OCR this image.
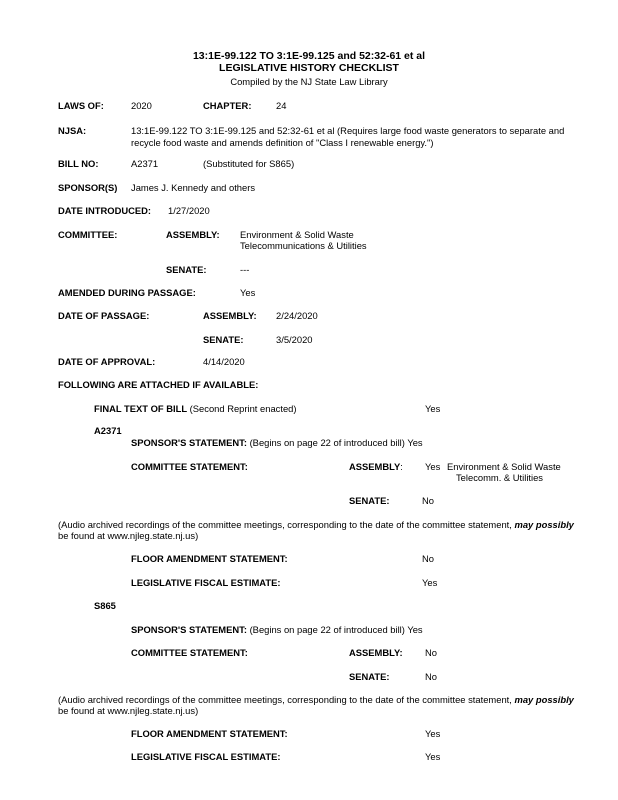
13:1E-99.122 TO 3:1E-99.125 and 52:32-61 et al
LEGISLATIVE HISTORY CHECKLIST
Compiled by the NJ State Law Library
LAWS OF:	2020	CHAPTER:	24
NJSA:	13:1E-99.122 TO 3:1E-99.125 and 52:32-61 et al (Requires large food waste generators to separate and
recycle food waste and amends definition of "Class I renewable energy.")
BILL NO:	A2371	(Substituted for S865)
SPONSOR(S) James J. Kennedy and others
DATE INTRODUCED: 1/27/2020
COMMITTEE:	ASSEMBLY: Environment & Solid Waste
Telecommunications & Utilities
SENATE:	---
AMENDED DURING PASSAGE:	Yes
DATE OF PASSAGE:	ASSEMBLY: 2/24/2020
SENATE:	3/5/2020
DATE OF APPROVAL:	4/14/2020
FOLLOWING ARE ATTACHED IF AVAILABLE:
FINAL TEXT OF BILL (Second Reprint enacted)	Yes
A2371
SPONSOR'S STATEMENT: (Begins on page 22 of introduced bill) Yes
COMMITTEE STATEMENT:	ASSEMBLY: Yes Environment & Solid Waste
Telecomm. & Utilities
SENATE:	No
(Audio archived recordings of the committee meetings, corresponding to the date of the committee statement, may possibly
be found at www.njleg.state.nj.us)
FLOOR AMENDMENT STATEMENT:	No
LEGISLATIVE FISCAL ESTIMATE:	Yes
S865
SPONSOR'S STATEMENT: (Begins on page 22 of introduced bill) Yes
COMMITTEE STATEMENT:	ASSEMBLY: No
SENATE:	No
(Audio archived recordings of the committee meetings, corresponding to the date of the committee statement, may possibly
be found at www.njleg.state.nj.us)
FLOOR AMENDMENT STATEMENT:	Yes
LEGISLATIVE FISCAL ESTIMATE:	Yes
